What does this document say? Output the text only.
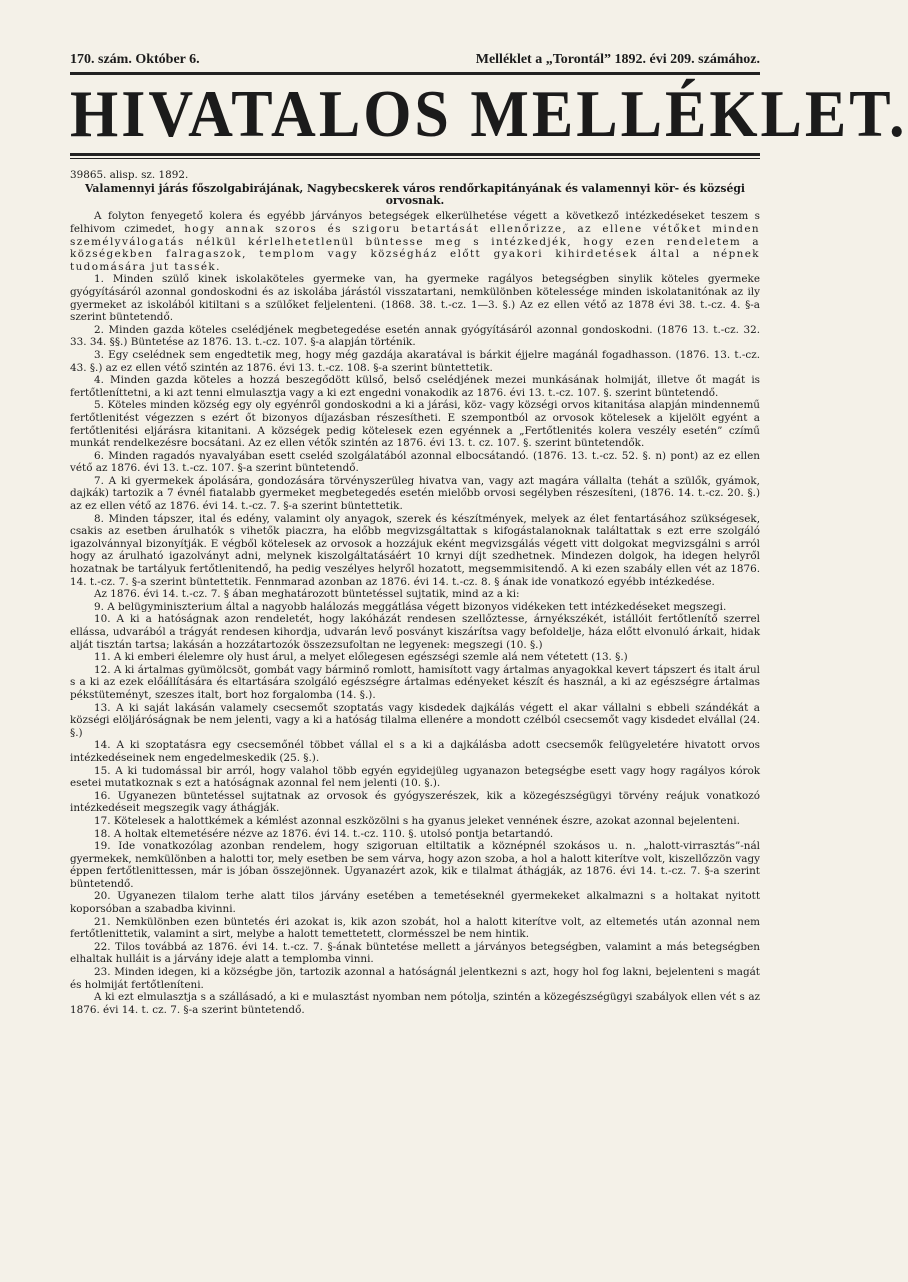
170. szám. Október 6.	Melléklet a „Torontál” 1892. évi 209. számához.
HIVATALOS MELLÉKLET.
39865. alisp. sz. 1892.
Valamennyi járás főszolgabirájának, Nagybecskerek város rendőrkapitányának és valamennyi kör- és községi orvosnak.

A folyton fenyegető kolera és egyébb járványos betegségek elkerülhetése végett a következő intézkedéseket teszem s felhivom czimedet, hogy annak szoros és szigoru betartását ellenőrizze, az ellene vétőket minden személyválogatás nélkül kérlelhetetlenül büntesse meg s intézkedjék, hogy ezen rendeletem a községekben falragaszok, templom vagy községház előtt gyakori kihirdetések által a népnek tudomására jut tassék.

1. Minden szülő kinek iskolaköteles gyermeke van, ha gyermeke ragályos betegségben sinylik köteles gyermeke gyógyításáról azonnal gondoskodni és az iskolába járástól visszatartani, nemkülönben kötelessége minden iskolatanitónak az ily gyermeket az iskolából kitiltani s a szülőket feljelenteni. (1868. 38. t.-cz. 1—3. §.) Az ez ellen vétő az 1878 évi 38. t.-cz. 4. §-a szerint büntetendő.

2. Minden gazda köteles cselédjének megbetegedése esetén annak gyógyításáról azonnal gondoskodni. (1876 13. t.-cz. 32. 33. 34. §§.) Büntetése az 1876. 13. t.-cz. 107. §-a alapján történik.

3. Egy cselédnek sem engedtetik meg, hogy még gazdája akaratával is bárkit éjjelre magánál fogadhasson. (1876. 13. t.-cz. 43. §.) az ez ellen vétő szintén az 1876. évi 13. t.-cz. 108. §-a szerint büntettetik.

4. Minden gazda köteles a hozzá beszegődött külső, belső cselédjének mezei munkásának holmiját, illetve őt magát is fertőtleníttetni, a ki azt tenni elmulasztja vagy a ki ezt engedni vonakodik az 1876. évi 13. t.-cz. 107. §. szerint büntetendő.

5. Köteles minden község egy oly egyénről gondoskodni a ki a járási, köz- vagy községi orvos kitanitása alapján mindennemű fertőtlenitést végezzen s ezért őt bizonyos díjazásban részesítheti. E szempontból az orvosok kötelesek a kijelölt egyént a fertőtlenitési eljárásra kitanitani. A községek pedig kötelesek ezen egyénnek a „Fertőtlenités kolera veszély esetén” czímű munkát rendelkezésre bocsátani. Az ez ellen vétők szintén az 1876. évi 13. t. cz. 107. §. szerint büntetendők.

6. Minden ragadós nyavalyában esett cseléd szolgálatából azonnal elbocsátandó. (1876. 13. t.-cz. 52. §. n) pont) az ez ellen vétő az 1876. évi 13. t.-cz. 107. §-a szerint büntetendő.

7. A ki gyermekek ápolására, gondozására törvényszerüleg hivatva van, vagy azt magára vállalta (tehát a szülők, gyámok, dajkák) tartozik a 7 évnél fiatalabb gyermeket megbetegedés esetén mielőbb orvosi segélyben részesíteni, (1876. 14. t.-cz. 20. §.) az ez ellen vétő az 1876. évi 14. t.-cz. 7. §-a szerint büntettetik.

8. Minden tápszer, ital és edény, valamint oly anyagok, szerek és készítmények, melyek az élet fentartásához szükségesek, csakis az esetben árulhatók s vihetők piaczra, ha előbb megvizsgáltattak s kifogástalanoknak találtattak s ezt erre szolgáló igazolvánnyal bizonyítják. E végből kötelesek az orvosok a hozzájuk eként megvizsgálás végett vitt dolgokat megvizsgálni s arról hogy az árulható igazolványt adni, melynek kiszolgáltatásáért 10 krnyi díjt szedhetnek. Mindezen dolgok, ha idegen helyről hozatnak be tartályuk fertőtlenitendő, ha pedig veszélyes helyről hozatott, megsemmisitendő. A ki ezen szabály ellen vét az 1876. 14. t.-cz. 7. §-a szerint büntettetik. Fennmarad azonban az 1876. évi 14. t.-cz. 8. § ának ide vonatkozó egyébb intézkedése.

Az 1876. évi 14. t.-cz. 7. § ában meghatározott büntetéssel sujtatik, mind az a ki:

9. A belügyminiszterium által a nagyobb halálozás meggátlása végett bizonyos vidékeken tett intézkedéseket megszegi.

10. A ki a hatóságnak azon rendeletét, hogy lakóházát rendesen szellőztesse, árnyékszékét, istállóit fertőtlenítő szerrel ellássa, udvarából a trágyát rendesen kihordja, udvarán levő posványt kiszárítsa vagy befoldelje, háza előtt elvonuló árkait, hidak alját tisztán tartsa; lakásán a hozzátartozók összezsufoltan ne legyenek: megszegi (10. §.)

11. A ki emberi élelemre oly hust árul, a melyet előlegesen egészségi szemle alá nem vétetett (13. §.)

12. A ki ártalmas gyümölcsöt, gombát vagy bárminő romlott, hamisított vagy ártalmas anyagokkal kevert tápszert és italt árul s a ki az ezek előállítására és eltartására szolgáló egészségre ártalmas edényeket készít és használ, a ki az egészségre ártalmas pékstüteményt, szeszes italt, bort hoz forgalomba (14. §.).

13. A ki saját lakásán valamely csecsemőt szoptatás vagy kisdedek dajkálás végett el akar vállalni s ebbeli szándékát a községi elöljáróságnak be nem jelenti, vagy a ki a hatóság tilalma ellenére a mondott czélból csecsemőt vagy kisdedet elvállal (24. §.)

14. A ki szoptatásra egy csecsemőnél többet vállal el s a ki a dajkálásba adott csecsemők felügyeletére hivatott orvos intézkedéseinek nem engedelmeskedik (25. §.).

15. A ki tudomással bir arról, hogy valahol több egyén egyidejüleg ugyanazon betegségbe esett vagy hogy ragályos kórok esetei mutatkoznak s ezt a hatóságnak azonnal fel nem jelenti (10. §.).

16. Ugyanezen büntetéssel sujtatnak az orvosok és gyógyszerészek, kik a közegészségügyi törvény reájuk vonatkozó intézkedéseit megszegik vagy áthágják.

17. Kötelesek a halottkémek a kémlést azonnal eszközölni s ha gyanus jeleket vennének észre, azokat azonnal bejelenteni.

18. A holtak eltemetésére nézve az 1876. évi 14. t.-cz. 110. §. utolsó pontja betartandó.

19. Ide vonatkozólag azonban rendelem, hogy szigoruan eltiltatik a köznépnél szokásos u. n. „halott-virrasztás”-nál gyermekek, nemkülönben a halotti tor, mely esetben be sem várva, hogy azon szoba, a hol a halott kiterítve volt, kiszellőzzön vagy éppen fertőtlenittessen, már is jóban összejönnek. Ugyanazért azok, kik e tilalmat áthágják, az 1876. évi 14. t.-cz. 7. §-a szerint büntetendő.

20. Ugyanezen tilalom terhe alatt tilos járvány esetében a temetéseknél gyermekeket alkalmazni s a holtakat nyitott koporsóban a szabadba kivinni.

21. Nemkülönben ezen büntetés éri azokat is, kik azon szobát, hol a halott kiterítve volt, az eltemetés után azonnal nem fertőtlenittetik, valamint a sirt, melybe a halott temettetett, clormésszel be nem hintik.

22. Tilos továbbá az 1876. évi 14. t.-cz. 7. §-ának büntetése mellett a járványos betegségben, valamint a más betegségben elhaltak hulláit is a járvány ideje alatt a templomba vinni.

23. Minden idegen, ki a községbe jön, tartozik azonnal a hatóságnál jelentkezni s azt, hogy hol fog lakni, bejelenteni s magát és holmiját fertőtleníteni.

A ki ezt elmulasztja s a szállásadó, a ki e mulasztást nyomban nem pótolja, szintén a közegészségügyi szabályok ellen vét s az 1876. évi 14. t. cz. 7. §-a szerint büntetendő.
